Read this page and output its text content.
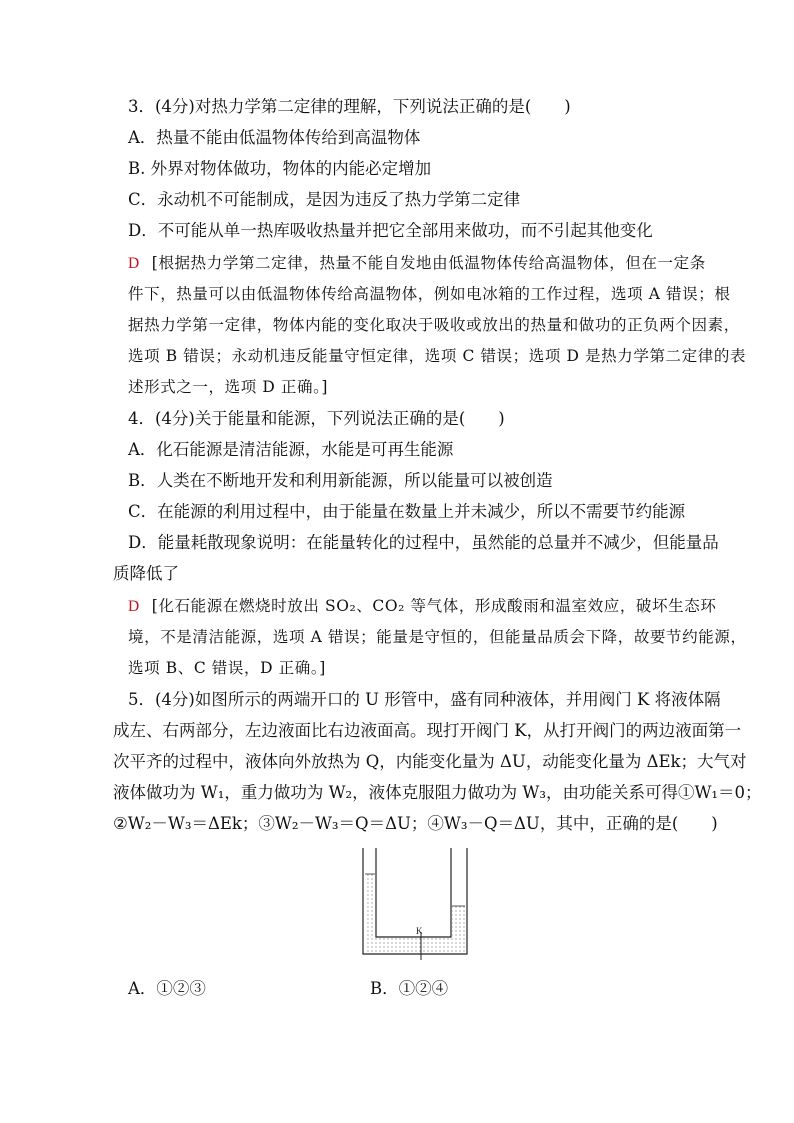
3．(4分)对热力学第二定律的理解，下列说法正确的是(　　)
A．热量不能由低温物体传给到高温物体
B. 外界对物体做功，物体的内能必定增加
C．永动机不可能制成，是因为违反了热力学第二定律
D．不可能从单一热库吸收热量并把它全部用来做功，而不引起其他变化
D [根据热力学第二定律，热量不能自发地由低温物体传给高温物体，但在一定条
件下，热量可以由低温物体传给高温物体，例如电冰箱的工作过程，选项 A 错误；根
据热力学第一定律，物体内能的变化取决于吸收或放出的热量和做功的正负两个因素，
选项 B 错误；永动机违反能量守恒定律，选项 C 错误；选项 D 是热力学第二定律的表
述形式之一，选项 D 正确。]
4．(4分)关于能量和能源，下列说法正确的是(　　)
A．化石能源是清洁能源，水能是可再生能源
B．人类在不断地开发和利用新能源，所以能量可以被创造
C．在能源的利用过程中，由于能量在数量上并未减少，所以不需要节约能源
D．能量耗散现象说明：在能量转化的过程中，虽然能的总量并不减少，但能量品
质降低了
D [化石能源在燃烧时放出 SO₂、CO₂ 等气体，形成酸雨和温室效应，破坏生态环
境，不是清洁能源，选项 A 错误；能量是守恒的，但能量品质会下降，故要节约能源，
选项 B、C 错误，D 正确。]
5．(4分)如图所示的两端开口的 U 形管中，盛有同种液体，并用阀门 K 将液体隔
成左、右两部分，左边液面比右边液面高。现打开阀门 K，从打开阀门的两边液面第一
次平齐的过程中，液体向外放热为 Q，内能变化量为 ΔU，动能变化量为 ΔEk；大气对
液体做功为 W₁，重力做功为 W₂，液体克服阻力做功为 W₃，由功能关系可得①W₁＝0；
②W₂－W₃＝ΔEk；③W₂－W₃＝Q＝ΔU；④W₃－Q＝ΔU，其中，正确的是(　　)
K
A．①②③	B．①②④
